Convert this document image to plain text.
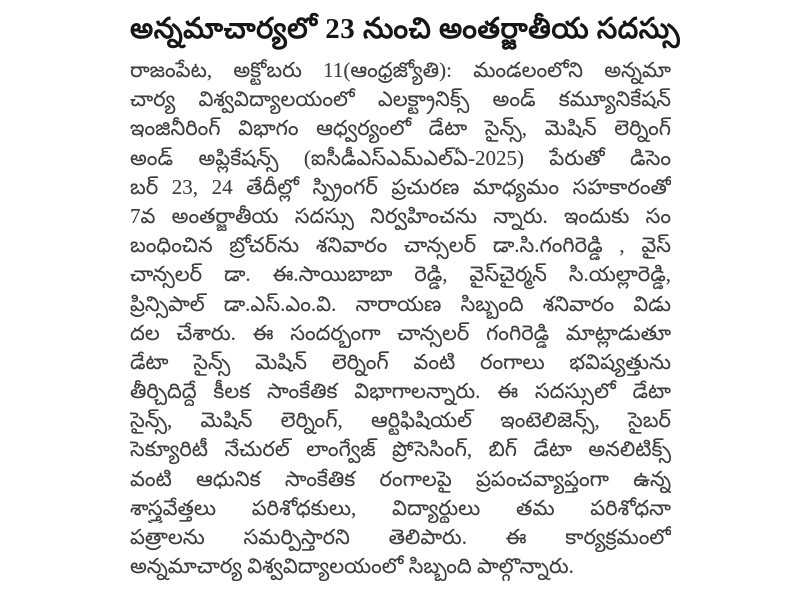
అన్నమాచార్యలో 23 నుంచి అంతర్జాతీయ సదస్సు
రాజంపేట, అక్టోబరు 11(ఆంధ్రజ్యోతి): మండలంలోని అన్నమా
చార్య విశ్వవిద్యాలయంలో ఎలక్ట్రానిక్స్ అండ్ కమ్యూనికేషన్
ఇంజినీరింగ్ విభాగం ఆధ్వర్యంలో డేటా సైన్స్, మెషిన్ లెర్నింగ్
అండ్ అప్లికేషన్స్ (ఐసీడీఎస్ఎమ్ఎల్ఏ-2025) పేరుతో డిసెం
బర్ 23, 24 తేదీల్లో స్ప్రింగర్ ప్రచురణ మాధ్యమం సహకారంతో
7వ అంతర్జాతీయ సదస్సు నిర్వహించను న్నారు. ఇందుకు సం
బంధించిన బ్రోచర్‌ను శనివారం చాన్సలర్ డా.సి.గంగిరెడ్డి , వైస్
చాన్సలర్ డా. ఈ.సాయిబాబా రెడ్డి, వైస్‌చైర్మన్ సి.యల్లారెడ్డి,
ప్రిన్సిపాల్ డా.ఎస్.ఎం.వి. నారాయణ సిబ్బంది శనివారం విడు
దల చేశారు. ఈ సందర్భంగా చాన్సలర్ గంగిరెడ్డి మాట్లాడుతూ
డేటా సైన్స్ మెషిన్ లెర్నింగ్ వంటి రంగాలు భవిష్యత్తును
తీర్చిదిద్దే కీలక సాంకేతిక విభాగాలన్నారు. ఈ సదస్సులో డేటా
సైన్స్, మెషిన్ లెర్నింగ్, ఆర్టిఫిషియల్ ఇంటెలిజెన్స్, సైబర్
సెక్యూరిటీ నేచురల్ లాంగ్వేజ్ ప్రోసెసింగ్, బిగ్ డేటా అనలిటిక్స్
వంటి ఆధునిక సాంకేతిక రంగాలపై ప్రపంచవ్యాప్తంగా ఉన్న
శాస్త్రవేత్తలు పరిశోధకులు, విద్యార్థులు తమ పరిశోధనా
పత్రాలను సమర్పిస్తారని తెలిపారు. ఈ కార్యక్రమంలో
అన్నమాచార్య విశ్వవిద్యాలయంలో సిబ్బంది పాల్గొన్నారు.
